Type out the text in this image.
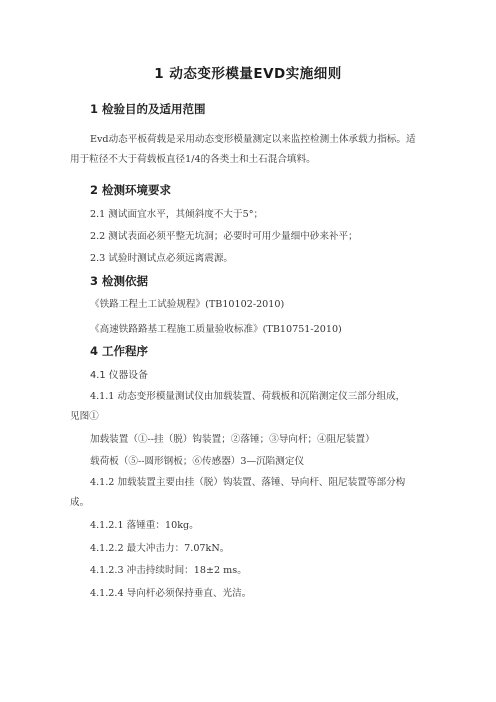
1 动态变形模量EVD实施细则
1 检验目的及适用范围
Evd动态平板荷载是采用动态变形模量测定以来监控检测土体承载力指标。适
用于粒径不大于荷载板直径1/4的各类土和土石混合填料。
2 检测环境要求
2.1 测试面宜水平，其倾斜度不大于5°；
2.2 测试表面必须平整无坑洞；必要时可用少量细中砂来补平；
2.3 试验时测试点必须远离震源。
3 检测依据
《铁路工程土工试验规程》(TB10102-2010)
《高速铁路路基工程施工质量验收标准》(TB10751-2010)
4 工作程序
4.1 仪器设备
4.1.1 动态变形模量测试仪由加载装置、荷载板和沉陷测定仪三部分组成，
见图①
加载装置（①--挂（脱）钩装置；②落锤；③导向杆；④阻尼装置）
载荷板（⑤--圆形钢板；⑥传感器）3—沉陷测定仪
4.1.2 加载装置主要由挂（脱）钩装置、落锤、导向杆、阻尼装置等部分构
成。
4.1.2.1 落锤重：10kg。
4.1.2.2 最大冲击力：7.07kN。
4.1.2.3 冲击持续时间：18±2 ms。
4.1.2.4 导向杆必须保持垂直、光洁。
